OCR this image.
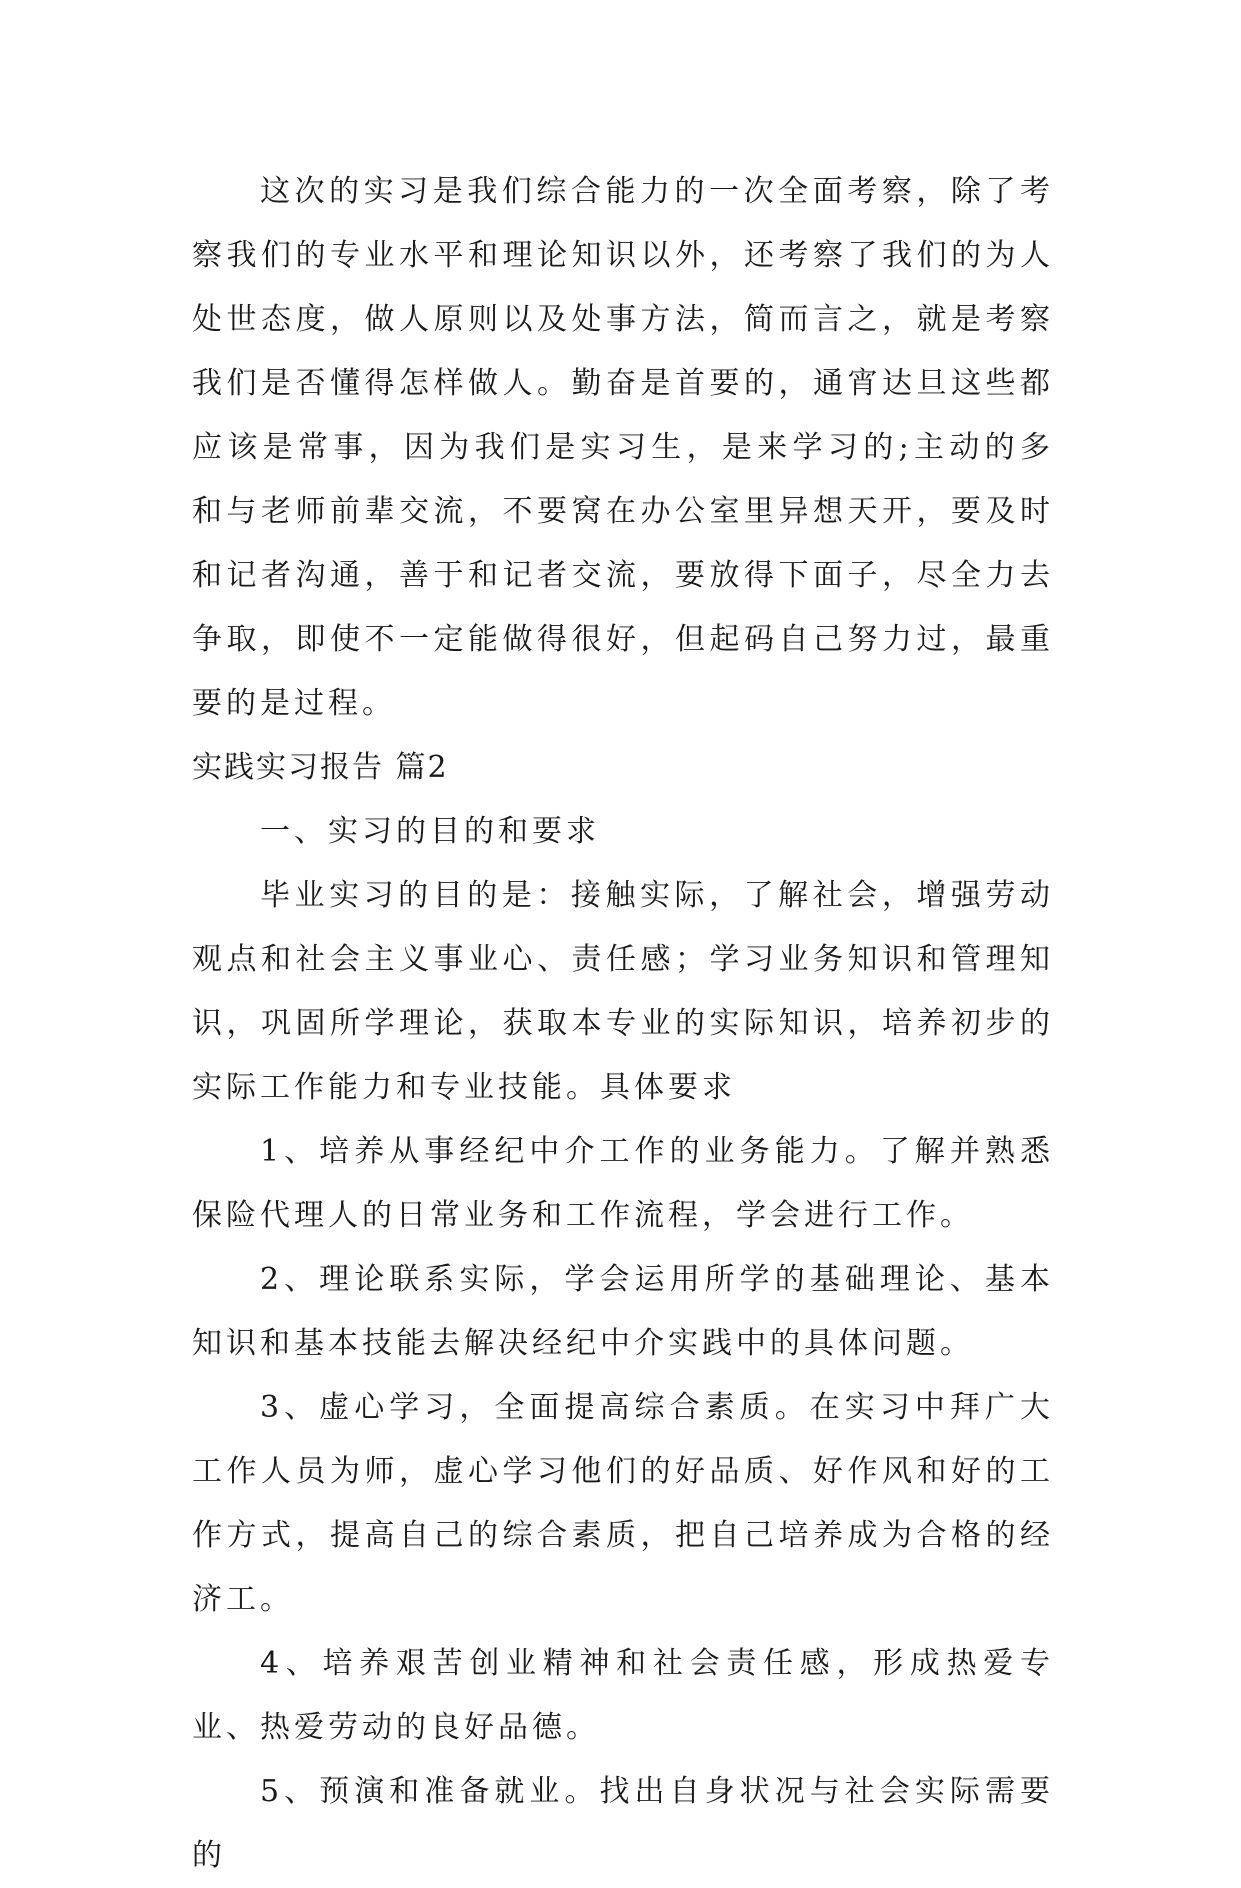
这次的实习是我们综合能力的一次全面考察，除了考察我们的专业水平和理论知识以外，还考察了我们的为人处世态度，做人原则以及处事方法，简而言之，就是考察我们是否懂得怎样做人。勤奋是首要的，通宵达旦这些都应该是常事，因为我们是实习生，是来学习的;主动的多和与老师前辈交流，不要窝在办公室里异想天开，要及时和记者沟通，善于和记者交流，要放得下面子，尽全力去争取，即使不一定能做得很好，但起码自己努力过，最重要的是过程。

实践实习报告 篇2

一、实习的目的和要求

毕业实习的目的是：接触实际，了解社会，增强劳动观点和社会主义事业心、责任感；学习业务知识和管理知识，巩固所学理论，获取本专业的实际知识，培养初步的实际工作能力和专业技能。具体要求

1、培养从事经纪中介工作的业务能力。了解并熟悉保险代理人的日常业务和工作流程，学会进行工作。

2、理论联系实际，学会运用所学的基础理论、基本知识和基本技能去解决经纪中介实践中的具体问题。

3、虚心学习，全面提高综合素质。在实习中拜广大工作人员为师，虚心学习他们的好品质、好作风和好的工作方式，提高自己的综合素质，把自己培养成为合格的经济工。

4、培养艰苦创业精神和社会责任感，形成热爱专业、热爱劳动的良好品德。

5、预演和准备就业。找出自身状况与社会实际需要的
